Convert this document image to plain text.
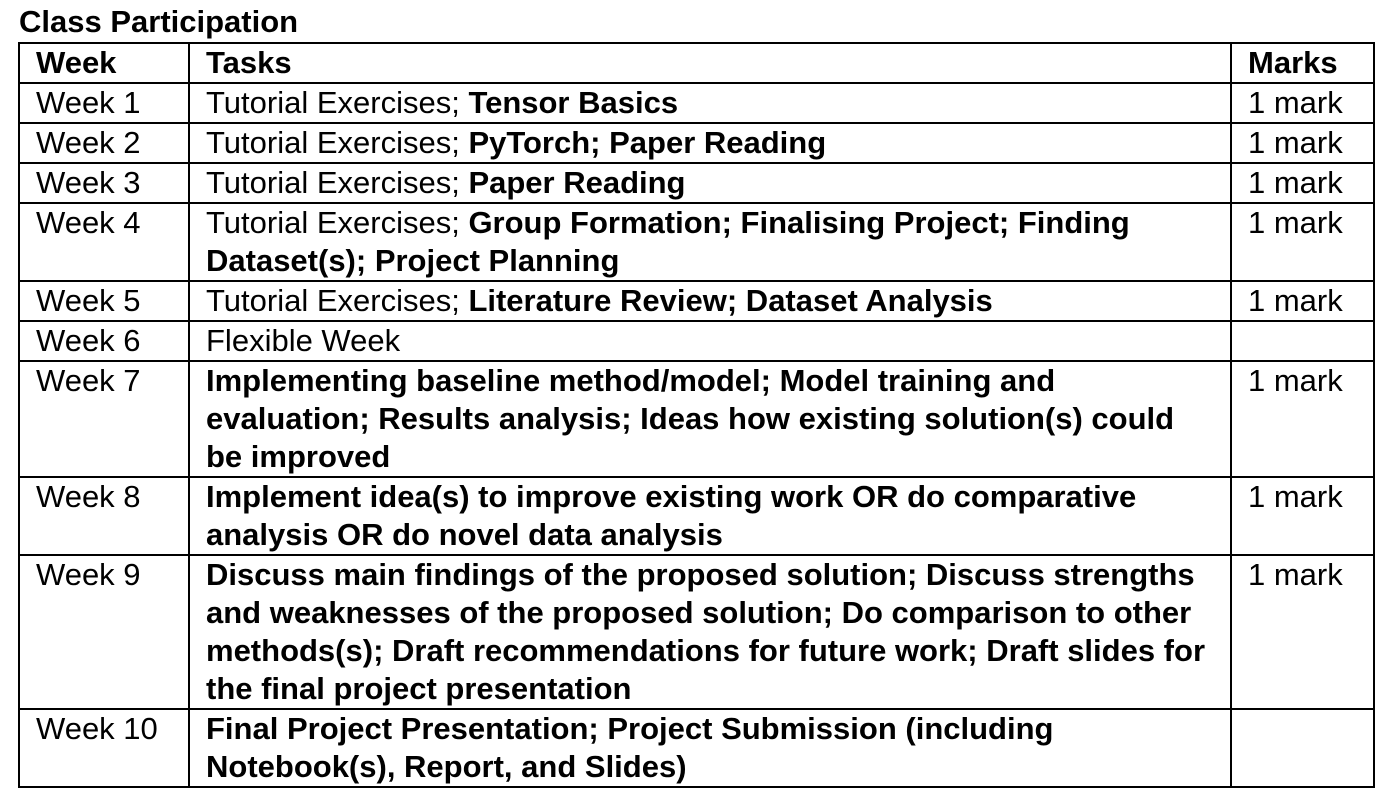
Class Participation
Week	Tasks	Marks
Week 1	Tutorial Exercises; Tensor Basics	1 mark
Week 2	Tutorial Exercises; PyTorch; Paper Reading	1 mark
Week 3	Tutorial Exercises; Paper Reading	1 mark
Week 4	Tutorial Exercises; Group Formation; Finalising Project; Finding Dataset(s); Project Planning	1 mark
Week 5	Tutorial Exercises; Literature Review; Dataset Analysis	1 mark
Week 6	Flexible Week	
Week 7	Implementing baseline method/model; Model training and evaluation; Results analysis; Ideas how existing solution(s) could be improved	1 mark
Week 8	Implement idea(s) to improve existing work OR do comparative analysis OR do novel data analysis	1 mark
Week 9	Discuss main findings of the proposed solution; Discuss strengths and weaknesses of the proposed solution; Do comparison to other methods(s); Draft recommendations for future work; Draft slides for the final project presentation	1 mark
Week 10	Final Project Presentation; Project Submission (including Notebook(s), Report, and Slides)	
